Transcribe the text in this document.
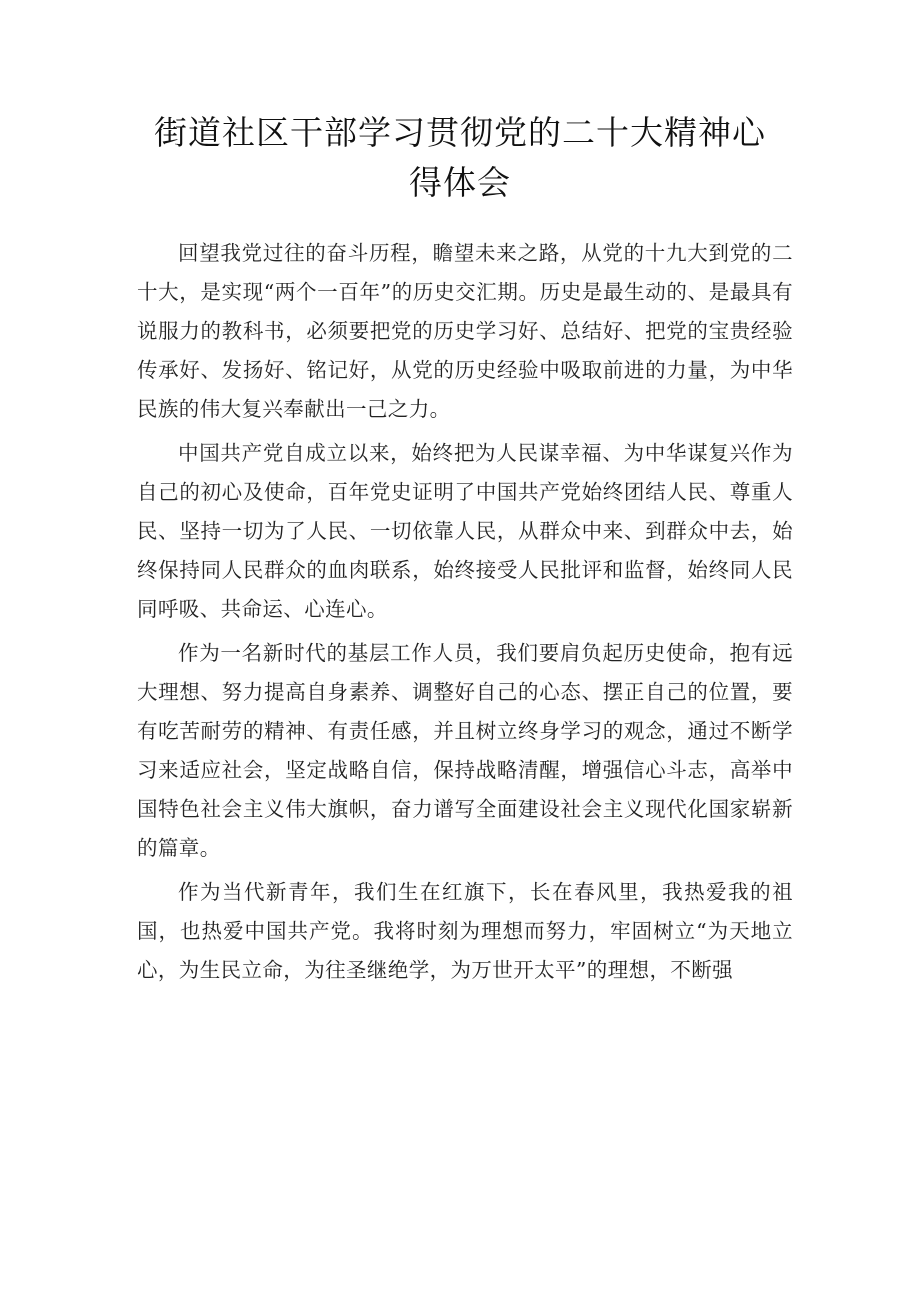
街道社区干部学习贯彻党的二十大精神心
得体会

回望我党过往的奋斗历程，瞻望未来之路，从党的十九大到党的二十大，是实现“两个一百年”的历史交汇期。历史是最生动的、是最具有说服力的教科书，必须要把党的历史学习好、总结好、把党的宝贵经验传承好、发扬好、铭记好，从党的历史经验中吸取前进的力量，为中华民族的伟大复兴奉献出一己之力。

中国共产党自成立以来，始终把为人民谋幸福、为中华谋复兴作为自己的初心及使命，百年党史证明了中国共产党始终团结人民、尊重人民、坚持一切为了人民、一切依靠人民，从群众中来、到群众中去，始终保持同人民群众的血肉联系，始终接受人民批评和监督，始终同人民同呼吸、共命运、心连心。

作为一名新时代的基层工作人员，我们要肩负起历史使命，抱有远大理想、努力提高自身素养、调整好自己的心态、摆正自己的位置，要有吃苦耐劳的精神、有责任感，并且树立终身学习的观念，通过不断学习来适应社会，坚定战略自信，保持战略清醒，增强信心斗志，高举中国特色社会主义伟大旗帜，奋力谱写全面建设社会主义现代化国家崭新的篇章。

作为当代新青年，我们生在红旗下，长在春风里，我热爱我的祖国，也热爱中国共产党。我将时刻为理想而努力，牢固树立“为天地立心，为生民立命，为往圣继绝学，为万世开太平”的理想，不断强
